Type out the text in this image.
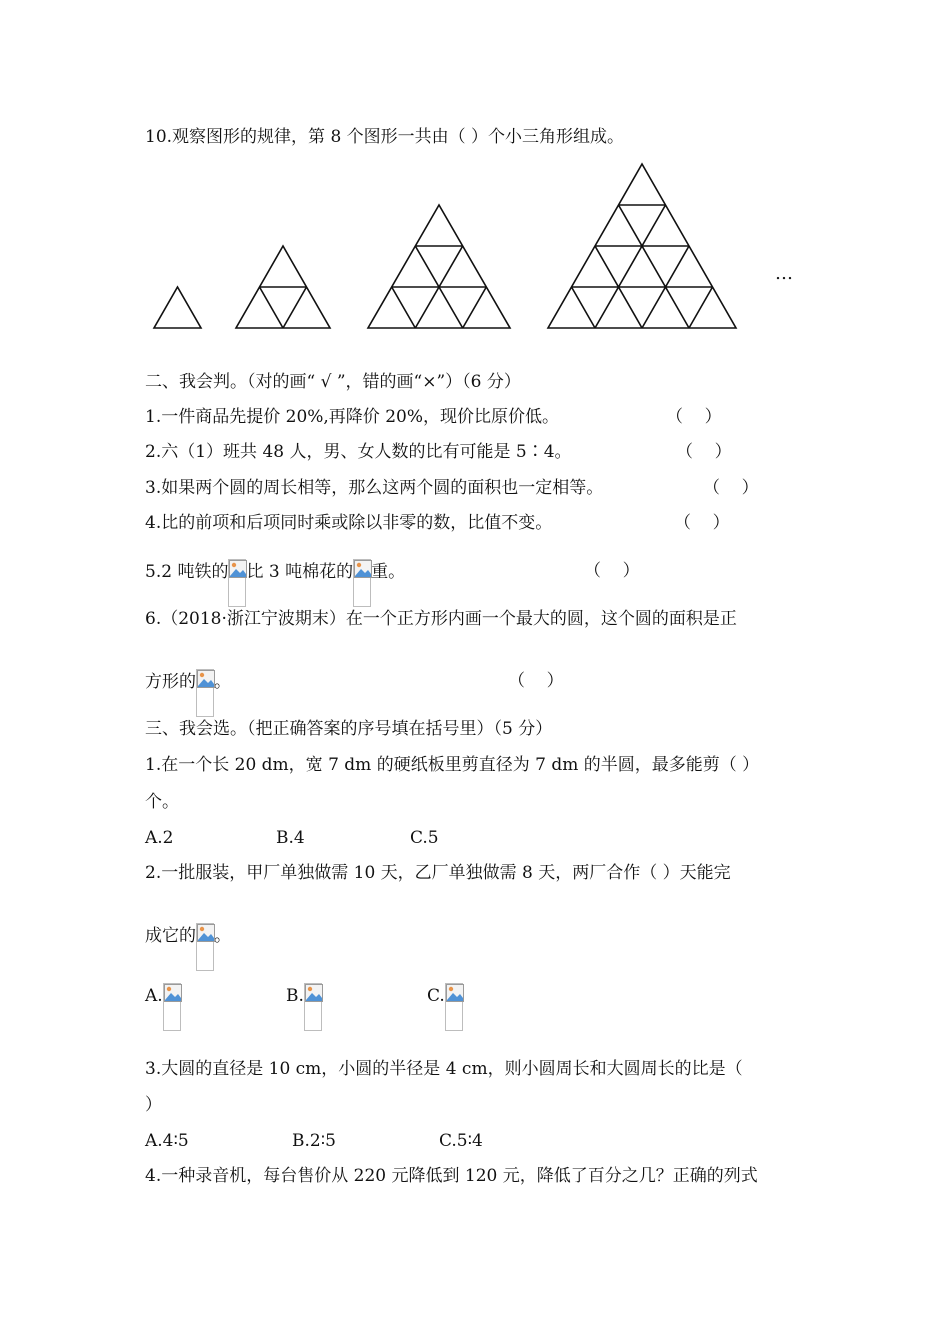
10.观察图形的规律，第 8 个图形一共由（ ）个小三角形组成。
…
二、我会判。（对的画“ √ ”，错的画“×”）（6 分）
1.一件商品先提价 20%,再降价 20%，现价比原价低。	（    ）
2.六（1）班共 48 人，男、女人数的比有可能是 5∶4。	（    ）
3.如果两个圆的周长相等，那么这两个圆的面积也一定相等。	（    ）
4.比的前项和后项同时乘或除以非零的数，比值不变。	（    ）
5.2 吨铁的 比 3 吨棉花的 重。	（    ）
6.（2018·浙江宁波期末）在一个正方形内画一个最大的圆，这个圆的面积是正
方形的 。	（    ）
三、我会选。（把正确答案的序号填在括号里）（5 分）
1.在一个长 20 dm，宽 7 dm 的硬纸板里剪直径为 7 dm 的半圆，最多能剪（ ）
个。
A.2	B.4	C.5
2.一批服装，甲厂单独做需 10 天，乙厂单独做需 8 天，两厂合作（ ）天能完
成它的 。
A.	B.	C.
3.大圆的直径是 10 cm，小圆的半径是 4 cm，则小圆周长和大圆周长的比是（
）
A.4∶5	B.2∶5	C.5∶4
4.一种录音机，每台售价从 220 元降低到 120 元，降低了百分之几？正确的列式
